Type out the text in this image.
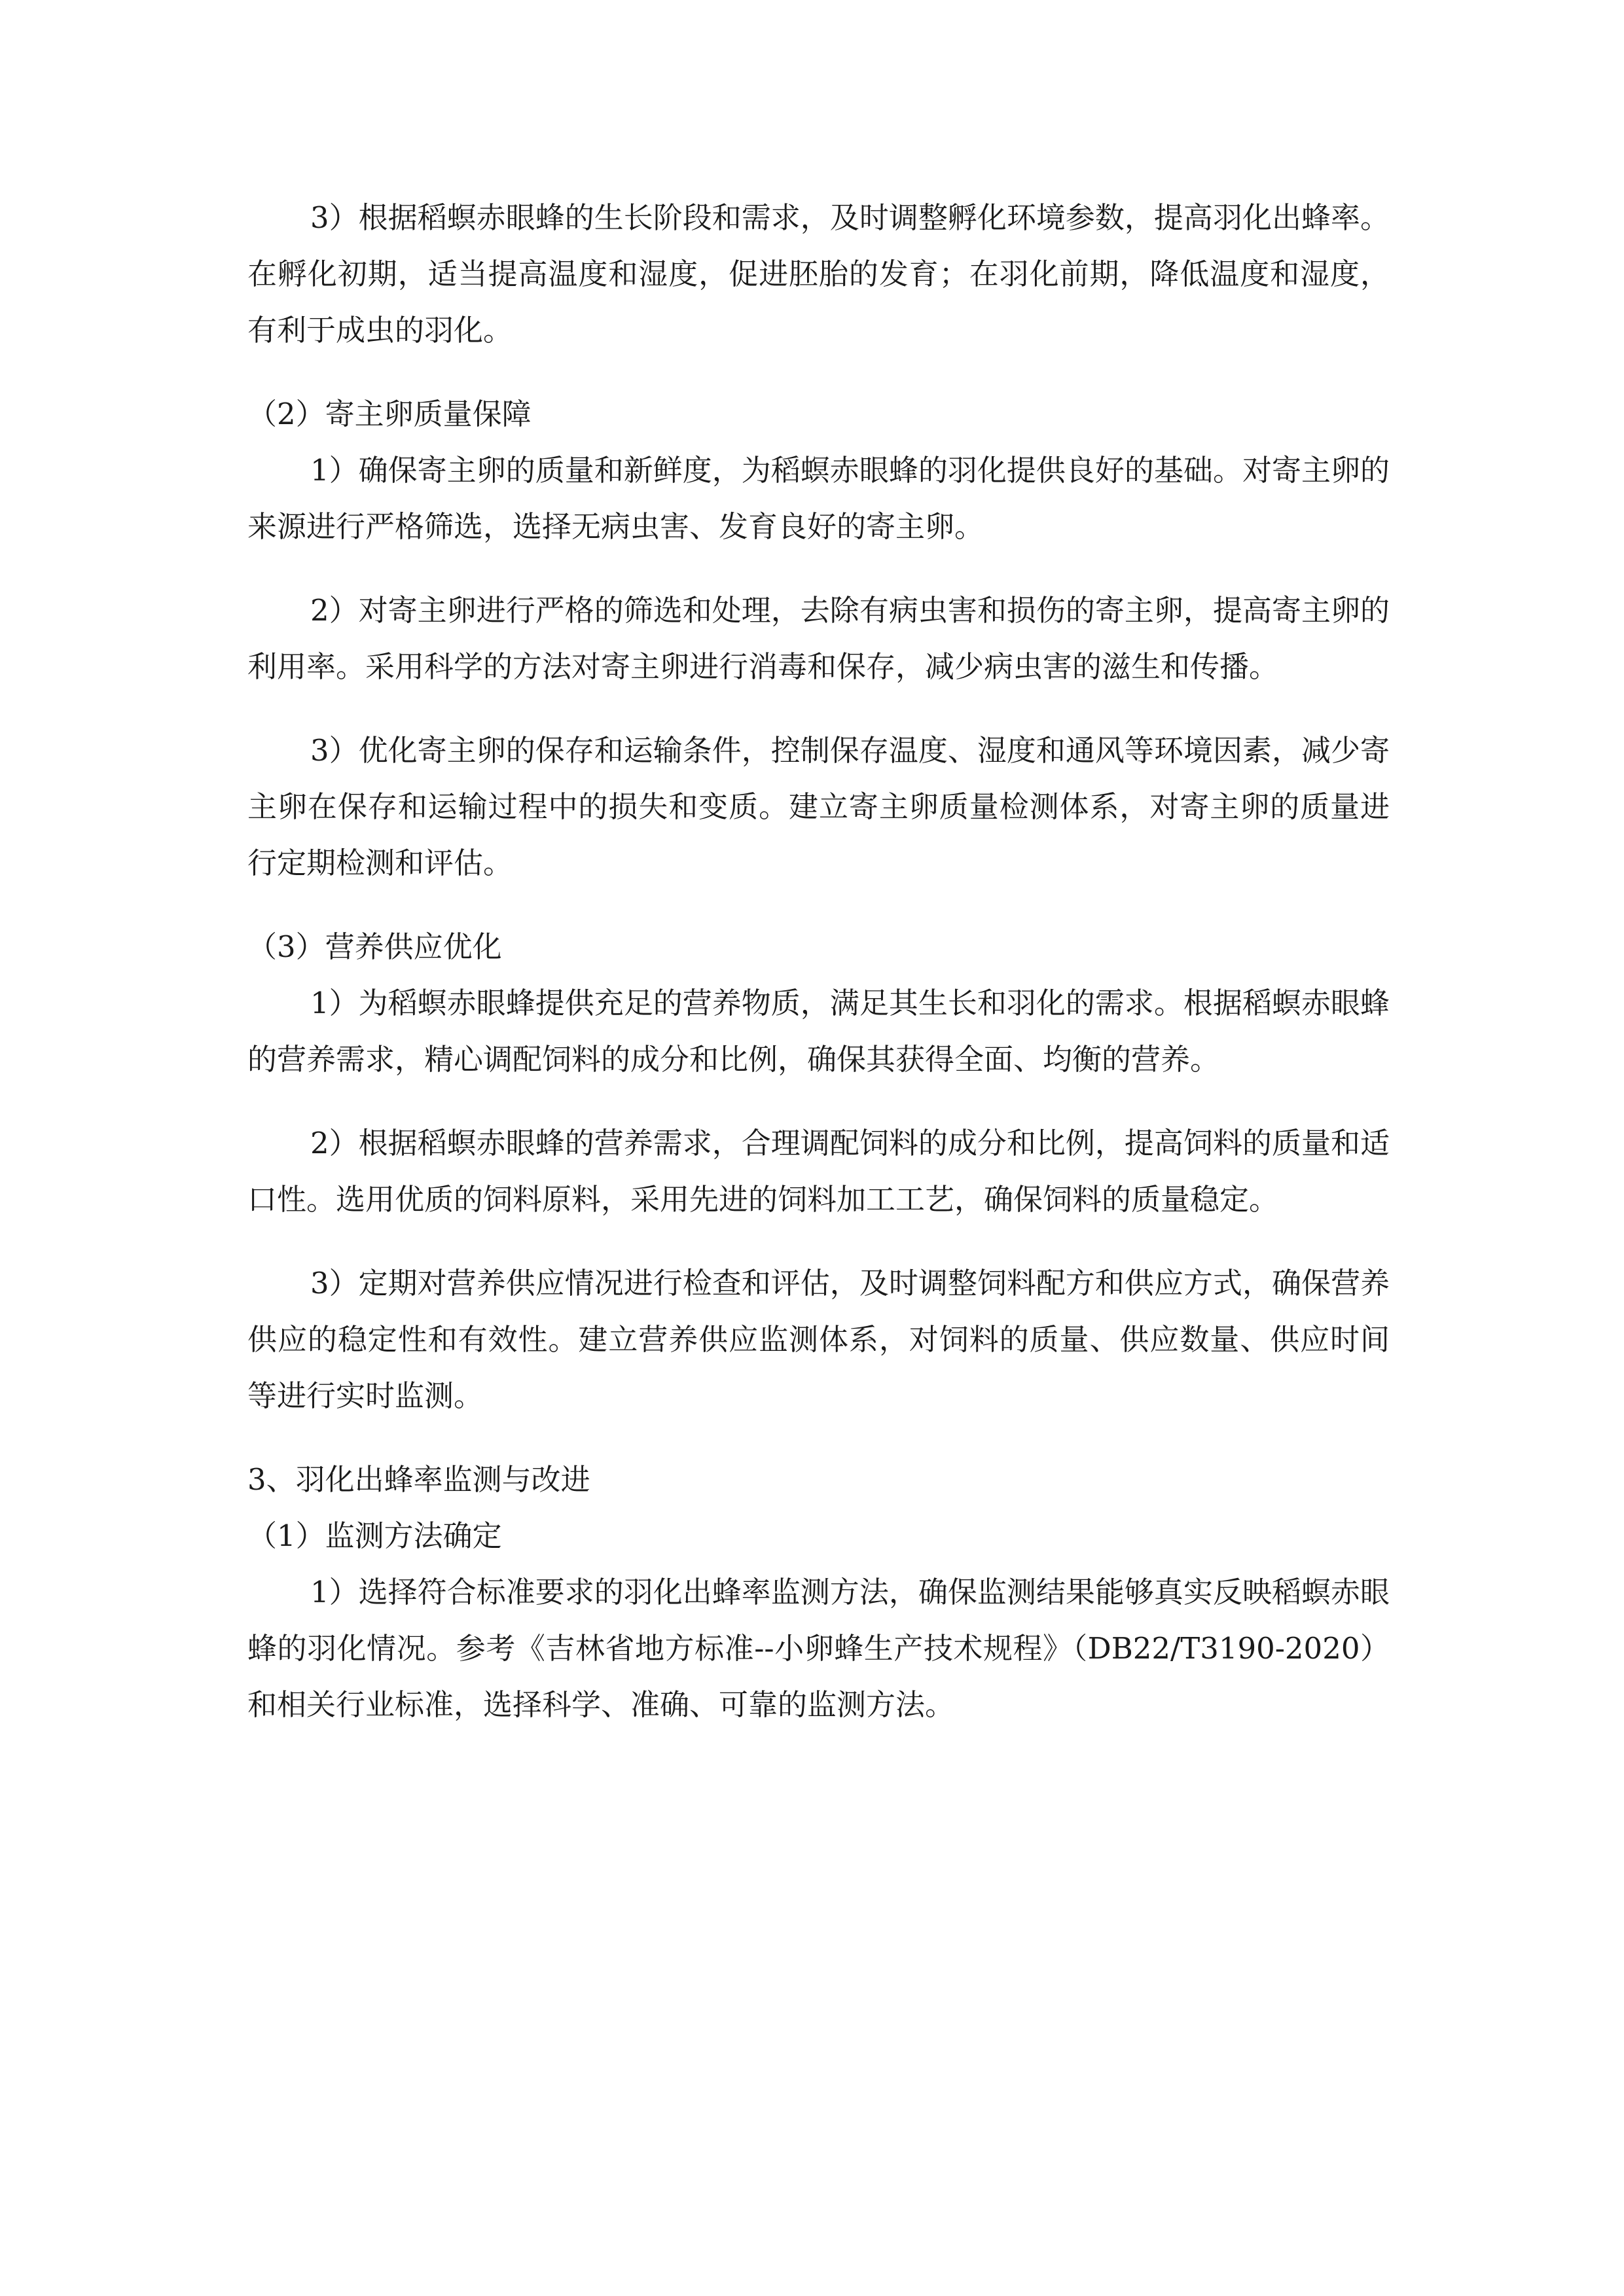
3）根据稻螟赤眼蜂的生长阶段和需求，及时调整孵化环境参数，提高羽化出蜂率。在孵化初期，适当提高温度和湿度，促进胚胎的发育；在羽化前期，降低温度和湿度，有利于成虫的羽化。

（2）寄主卵质量保障

1）确保寄主卵的质量和新鲜度，为稻螟赤眼蜂的羽化提供良好的基础。对寄主卵的来源进行严格筛选，选择无病虫害、发育良好的寄主卵。

2）对寄主卵进行严格的筛选和处理，去除有病虫害和损伤的寄主卵，提高寄主卵的利用率。采用科学的方法对寄主卵进行消毒和保存，减少病虫害的滋生和传播。

3）优化寄主卵的保存和运输条件，控制保存温度、湿度和通风等环境因素，减少寄主卵在保存和运输过程中的损失和变质。建立寄主卵质量检测体系，对寄主卵的质量进行定期检测和评估。

（3）营养供应优化

1）为稻螟赤眼蜂提供充足的营养物质，满足其生长和羽化的需求。根据稻螟赤眼蜂的营养需求，精心调配饲料的成分和比例，确保其获得全面、均衡的营养。

2）根据稻螟赤眼蜂的营养需求，合理调配饲料的成分和比例，提高饲料的质量和适口性。选用优质的饲料原料，采用先进的饲料加工工艺，确保饲料的质量稳定。

3）定期对营养供应情况进行检查和评估，及时调整饲料配方和供应方式，确保营养供应的稳定性和有效性。建立营养供应监测体系，对饲料的质量、供应数量、供应时间等进行实时监测。

3、羽化出蜂率监测与改进

（1）监测方法确定

1）选择符合标准要求的羽化出蜂率监测方法，确保监测结果能够真实反映稻螟赤眼蜂的羽化情况。参考《吉林省地方标准--小卵蜂生产技术规程》（DB22/T3190-2020）和相关行业标准，选择科学、准确、可靠的监测方法。
